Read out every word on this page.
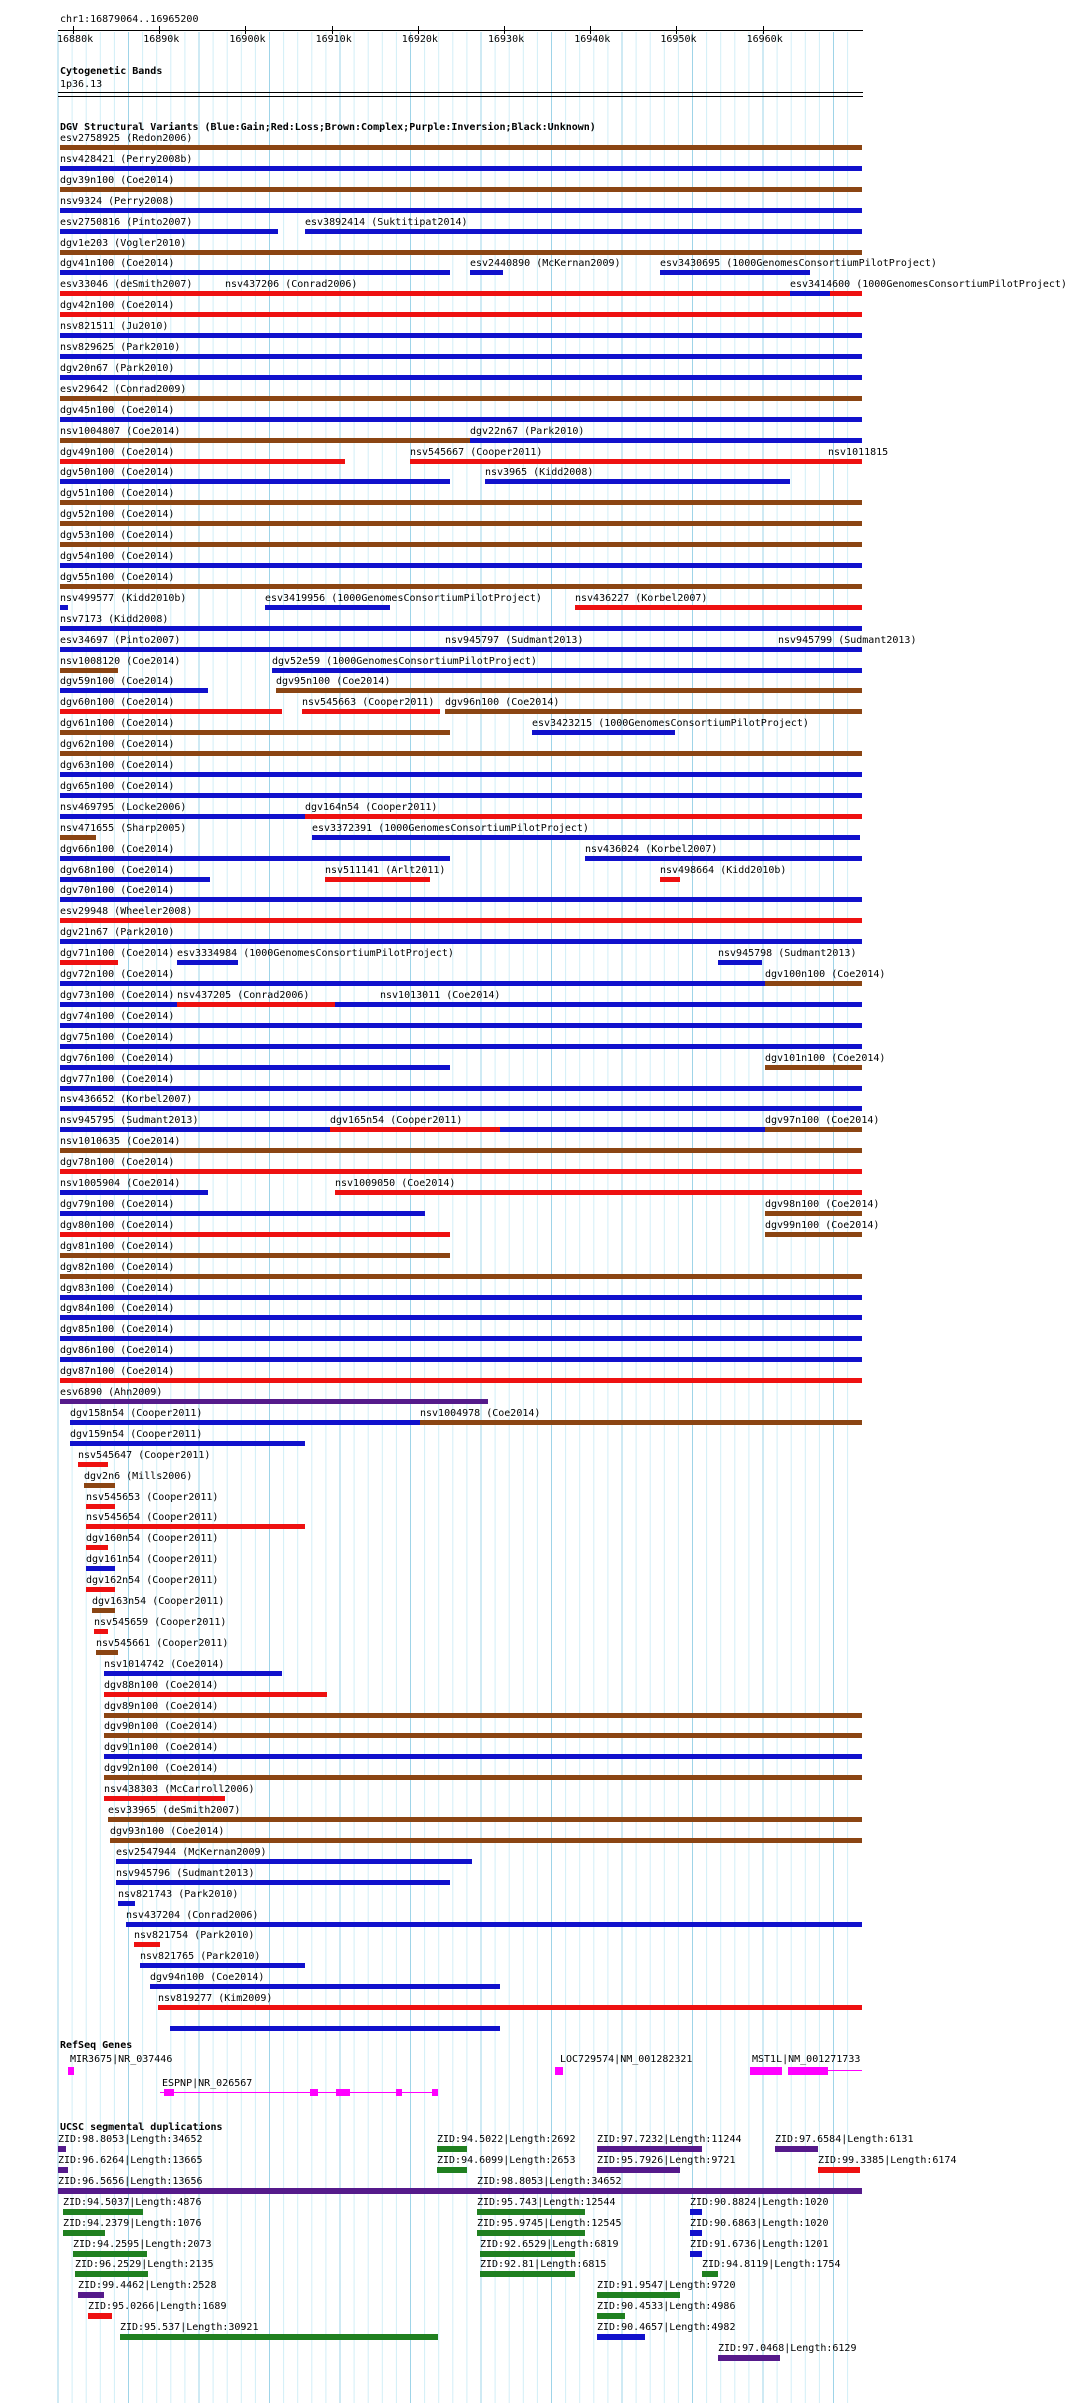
chr1:16879064..16965200
16880k	16890k	16900k	16910k	16920k	16930k	16940k	16950k	16960k
Cytogenetic Bands
1p36.13
DGV Structural Variants (Blue:Gain;Red:Loss;Brown:Complex;Purple:Inversion;Black:Unknown)
esv2758925 (Redon2006)
nsv428421 (Perry2008b)
dgv39n100 (Coe2014)
nsv9324 (Perry2008)
esv2750816 (Pinto2007)	esv3892414 (Suktitipat2014)
dgv1e203 (Vogler2010)
dgv41n100 (Coe2014)	esv2440890 (McKernan2009)	esv3430695 (1000GenomesConsortiumPilotProject)
esv33046 (deSmith2007)	nsv437206 (Conrad2006)	esv3414600 (1000GenomesConsortiumPilotProject)
dgv42n100 (Coe2014)
nsv821511 (Ju2010)
nsv829625 (Park2010)
dgv20n67 (Park2010)
esv29642 (Conrad2009)
dgv45n100 (Coe2014)
nsv1004807 (Coe2014)	dgv22n67 (Park2010)
dgv49n100 (Coe2014)	nsv545667 (Cooper2011)	nsv1011815
dgv50n100 (Coe2014)	nsv3965 (Kidd2008)
dgv51n100 (Coe2014)
dgv52n100 (Coe2014)
dgv53n100 (Coe2014)
dgv54n100 (Coe2014)
dgv55n100 (Coe2014)
nsv499577 (Kidd2010b)	esv3419956 (1000GenomesConsortiumPilotProject)	nsv436227 (Korbel2007)
nsv7173 (Kidd2008)
esv34697 (Pinto2007)	nsv945797 (Sudmant2013)	nsv945799 (Sudmant2013)
nsv1008120 (Coe2014)	dgv52e59 (1000GenomesConsortiumPilotProject)
dgv59n100 (Coe2014)	dgv95n100 (Coe2014)
dgv60n100 (Coe2014)	nsv545663 (Cooper2011) dgv96n100 (Coe2014)
dgv61n100 (Coe2014)	esv3423215 (1000GenomesConsortiumPilotProject)
dgv62n100 (Coe2014)
dgv63n100 (Coe2014)
dgv65n100 (Coe2014)
nsv469795 (Locke2006)	dgv164n54 (Cooper2011)
nsv471655 (Sharp2005)	esv3372391 (1000GenomesConsortiumPilotProject)
dgv66n100 (Coe2014)	nsv436024 (Korbel2007)
dgv68n100 (Coe2014)	nsv511141 (Arlt2011)	nsv498664 (Kidd2010b)
dgv70n100 (Coe2014)
esv29948 (Wheeler2008)
dgv21n67 (Park2010)
dgv71n100 (Coe2014) esv3334984 (1000GenomesConsortiumPilotProject)	nsv945798 (Sudmant2013)
dgv72n100 (Coe2014)	dgv100n100 (Coe2014)
dgv73n100 (Coe2014) nsv437205 (Conrad2006)	nsv1013011 (Coe2014)
dgv74n100 (Coe2014)
dgv75n100 (Coe2014)
dgv76n100 (Coe2014)	dgv101n100 (Coe2014)
dgv77n100 (Coe2014)
nsv436652 (Korbel2007)
nsv945795 (Sudmant2013)	dgv165n54 (Cooper2011)	dgv97n100 (Coe2014)
nsv1010635 (Coe2014)
dgv78n100 (Coe2014)
nsv1005904 (Coe2014)	nsv1009050 (Coe2014)
dgv79n100 (Coe2014)	dgv98n100 (Coe2014)
dgv80n100 (Coe2014)	dgv99n100 (Coe2014)
dgv81n100 (Coe2014)
dgv82n100 (Coe2014)
dgv83n100 (Coe2014)
dgv84n100 (Coe2014)
dgv85n100 (Coe2014)
dgv86n100 (Coe2014)
dgv87n100 (Coe2014)
esv6890 (Ahn2009)
dgv158n54 (Cooper2011)	nsv1004978 (Coe2014)
dgv159n54 (Cooper2011)
nsv545647 (Cooper2011)
dgv2n6 (Mills2006)
nsv545653 (Cooper2011)
nsv545654 (Cooper2011)
dgv160n54 (Cooper2011)
dgv161n54 (Cooper2011)
dgv162n54 (Cooper2011)
dgv163n54 (Cooper2011)
nsv545659 (Cooper2011)
nsv545661 (Cooper2011)
nsv1014742 (Coe2014)
dgv88n100 (Coe2014)
dgv89n100 (Coe2014)
dgv90n100 (Coe2014)
dgv91n100 (Coe2014)
dgv92n100 (Coe2014)
nsv438303 (McCarroll2006)
esv33965 (deSmith2007)
dgv93n100 (Coe2014)
esv2547944 (McKernan2009)
nsv945796 (Sudmant2013)
nsv821743 (Park2010)
nsv437204 (Conrad2006)
nsv821754 (Park2010)
nsv821765 (Park2010)
dgv94n100 (Coe2014)
nsv819277 (Kim2009)
RefSeq Genes
MIR3675|NR_037446
ESPNP|NR_026567
LOC729574|NM_001282321	MST1L|NM_001271733
UCSC segmental duplications
ZID:98.8053|Length:34652
ZID:96.6264|Length:13665
ZID:96.5656|Length:13656
ZID:94.5037|Length:4876
ZID:94.2379|Length:1076
ZID:94.2595|Length:2073
ZID:96.2529|Length:2135
ZID:99.4462|Length:2528
ZID:95.0266|Length:1689
ZID:95.537|Length:30921
ZID:94.5022|Length:2692
ZID:94.6099|Length:2653
ZID:98.8053|Length:34652
ZID:95.743|Length:12544
ZID:95.9745|Length:12545
ZID:92.6529|Length:6819
ZID:92.81|Length:6815
ZID:91.9547|Length:9720
ZID:90.4533|Length:4986
ZID:90.4657|Length:4982
ZID:97.7232|Length:11244
ZID:95.7926|Length:9721
ZID:90.8824|Length:1020
ZID:90.6863|Length:1020
ZID:91.6736|Length:1201
ZID:94.8119|Length:1754
ZID:97.0468|Length:6129
ZID:97.6584|Length:6131
ZID:99.3385|Length:6174
